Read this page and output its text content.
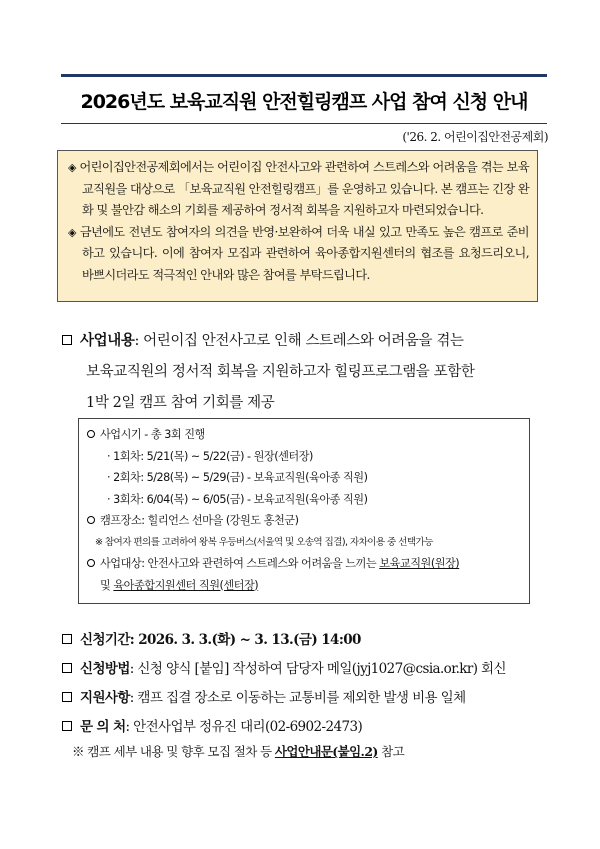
2026년도 보육교직원 안전힐링캠프 사업 참여 신청 안내
('26. 2. 어린이집안전공제회)

◈ 어린이집안전공제회에서는 어린이집 안전사고와 관련하여 스트레스와 어려움을 겪는 보육교직원을 대상으로 「보육교직원 안전힐링캠프」를 운영하고 있습니다. 본 캠프는 긴장 완화 및 불안감 해소의 기회를 제공하여 정서적 회복을 지원하고자 마련되었습니다.

◈ 금년에도 전년도 참여자의 의견을 반영·보완하여 더욱 내실 있고 만족도 높은 캠프로 준비하고 있습니다. 이에 참여자 모집과 관련하여 육아종합지원센터의 협조를 요청드리오니, 바쁘시더라도 적극적인 안내와 많은 참여를 부탁드립니다.

사업내용: 어린이집 안전사고로 인해 스트레스와 어려움을 겪는
보육교직원의 정서적 회복을 지원하고자 힐링프로그램을 포함한
1박 2일 캠프 참여 기회를 제공
사업시기 - 총 3회 진행
· 1회차: 5/21(목) ~ 5/22(금) - 원장(센터장)
· 2회차: 5/28(목) ~ 5/29(금) - 보육교직원(육아종 직원)
· 3회차: 6/04(목) ~ 6/05(금) - 보육교직원(육아종 직원)
캠프장소: 힐리언스 선마을 (강원도 홍천군)
※ 참여자 편의를 고려하여 왕복 우등버스(서울역 및 오송역 집결), 자차이용 중 선택가능
사업대상: 안전사고와 관련하여 스트레스와 어려움을 느끼는 보육교직원(원장)
및 육아종합지원센터 직원(센터장)
신청기간: 2026. 3. 3.(화) ~ 3. 13.(금) 14:00
신청방법: 신청 양식 [붙임] 작성하여 담당자 메일(jyj1027@csia.or.kr) 회신
지원사항: 캠프 집결 장소로 이동하는 교통비를 제외한 발생 비용 일체
문 의 처: 안전사업부 정유진 대리(02-6902-2473)
※ 캠프 세부 내용 및 향후 모집 절차 등 사업안내문(붙임.2) 참고
